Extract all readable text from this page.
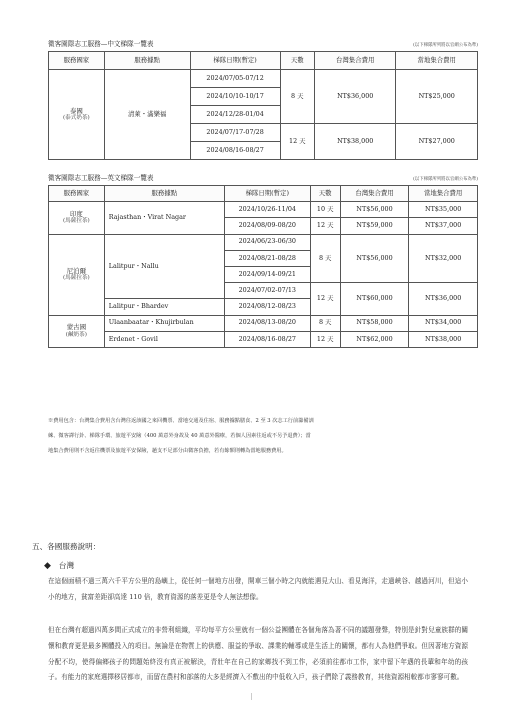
微客園際志工服務—中文梯隊一覽表	(以下梯隊所列將以官網公布為準)
服務國家	服務據點	梯隊日期(暫定)	天數	台灣集合費用	當地集合費用

泰國
(泰式奶茶)	清萊・滿樂福	2024/07/05-07/12	8 天	NT$36,000	NT$25,000
		2024/10/10-10/17			
		2024/12/28-01/04			
		2024/07/17-07/28	12 天	NT$38,000	NT$27,000
		2024/08/16-08/27			
微客園際志工服務—英文梯隊一覽表	(以下梯隊所列將以官網公布為準)
服務國家	服務據點	梯隊日期(暫定)	天數	台灣集合費用	當地集合費用

印度
(馬薩拉茶)	Rajasthan・Virat Nagar	2024/10/26-11/04	10 天	NT$56,000	NT$35,000
		2024/08/09-08/20	12 天	NT$59,000	NT$37,000

尼泊爾
(馬薩拉茶)	Lalitpur・Nallu	2024/06/23-06/30	8 天	NT$56,000	NT$32,000
		2024/08/21-08/28			
		2024/09/14-09/21			
		2024/07/02-07/13	12 天	NT$60,000	NT$36,000
	Lalitpur・Bhardev	2024/08/12-08/23			

蒙古國
(鹹奶茶)	Ulaanbaatar・Khujirbulan	2024/08/13-08/20	8 天	NT$58,000	NT$34,000
	Erdenet・Govil	2024/08/16-08/27	12 天	NT$62,000	NT$38,000
※費用包含：台灣集合費用含台灣往返該國之來回機票、當地交通及住宿、服務據點膳食、2 至 3 次志工行前籌備訓
練、微客譯行卦、梯隊手環、旅遊平安險（400 萬意外身故及 40 萬意外醫療，若個人因素往返或不另予退費）；當
地集合費用則不含返往機票及旅遊平安保險，趟支不足部分由微客負擔，若有餘額則轉為當地服務費用。
五、各國服務說明：
◆ 台灣
在這個面積不過三萬六千平方公里的島嶼上，從任何一個地方出發，開車三個小時之內就能遇見大山、看見海洋，走過峽谷、越過河川，但這小小的地方，貧富差距卻高達 110 倍，教育資源的落差更是令人無法想像。
但在台灣有超過四萬多間正式成立的非營利組織，平均每平方公里就有一個公益團體在各個角落為著不同的議題發聲，特別是針對兒童族群的關懷和教育更是最多團體投入的項目。無論是在物質上的供應、服益的爭取、課業的輔導或是生活上的關懷，都有人為他們爭取。但因著地方資源分配不均，使得偏鄉孩子的問題始終沒有真正被解決，青壯年在自己的家鄉找不到工作，必須前往都市工作，家中留下年邁的長輩和年幼的孩子。有能力的家庭選擇移居都市，而留在農村和部落的大多是經濟入不敷出的中低收入戶，孩子們除了義務教育，其他資源相較都市寥寥可數。
